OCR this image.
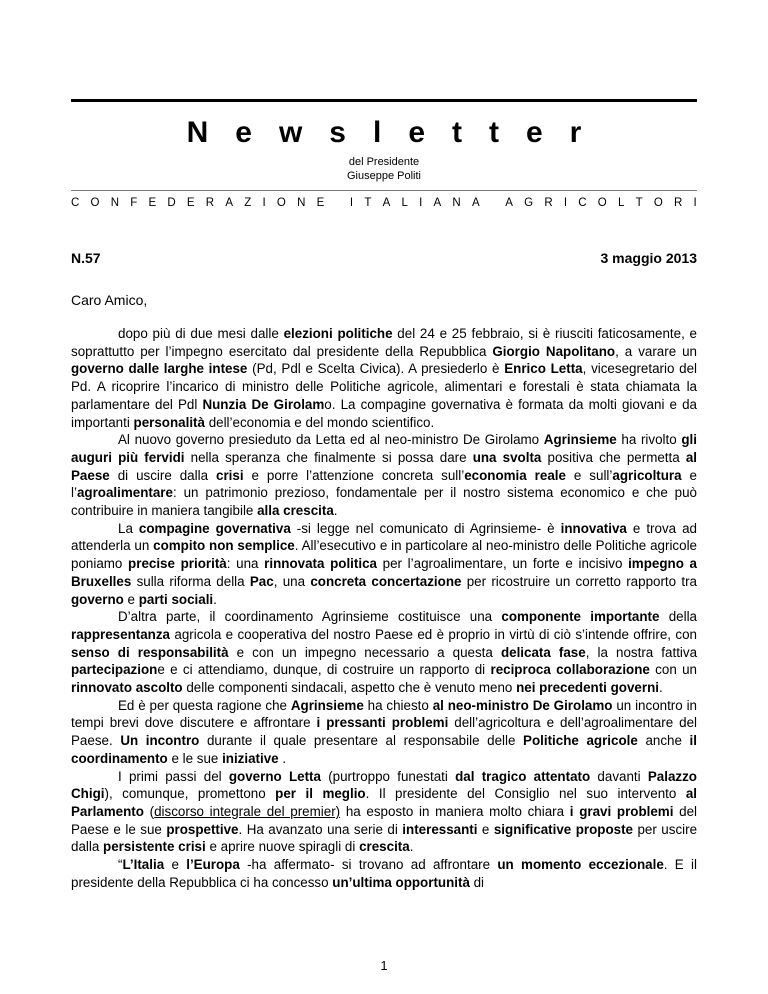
Newsletter
del Presidente
Giuseppe Politi
C O N F E D E R A Z I O N E
I T A L I A N A
A G R I C O L T O R I
N.57	3 maggio 2013
Caro Amico,

dopo più di due mesi dalle elezioni politiche del 24 e 25 febbraio, si è riusciti faticosamente, e soprattutto per l’impegno esercitato dal presidente della Repubblica Giorgio Napolitano, a varare un governo dalle larghe intese (Pd, Pdl e Scelta Civica). A presiederlo è Enrico Letta, vicesegretario del Pd. A ricoprire l’incarico di ministro delle Politiche agricole, alimentari e forestali è stata chiamata la parlamentare del Pdl Nunzia De Girolamo. La compagine governativa è formata da molti giovani e da importanti personalità dell’economia e del mondo scientifico.

Al nuovo governo presieduto da Letta ed al neo-ministro De Girolamo Agrinsieme ha rivolto gli auguri più fervidi nella speranza che finalmente si possa dare una svolta positiva che permetta al Paese di uscire dalla crisi e porre l’attenzione concreta sull’economia reale e sull’agricoltura e l’agroalimentare: un patrimonio prezioso, fondamentale per il nostro sistema economico e che può contribuire in maniera tangibile alla crescita.

La compagine governativa -si legge nel comunicato di Agrinsieme- è innovativa e trova ad attenderla un compito non semplice. All’esecutivo e in particolare al neo-ministro delle Politiche agricole poniamo precise priorità: una rinnovata politica per l’agroalimentare, un forte e incisivo impegno a Bruxelles sulla riforma della Pac, una concreta concertazione per ricostruire un corretto rapporto tra governo e parti sociali.

D’altra parte, il coordinamento Agrinsieme costituisce una componente importante della rappresentanza agricola e cooperativa del nostro Paese ed è proprio in virtù di ciò s’intende offrire, con senso di responsabilità e con un impegno necessario a questa delicata fase, la nostra fattiva partecipazione e ci attendiamo, dunque, di costruire un rapporto di reciproca collaborazione con un rinnovato ascolto delle componenti sindacali, aspetto che è venuto meno nei precedenti governi.

Ed è per questa ragione che Agrinsieme ha chiesto al neo-ministro De Girolamo un incontro in tempi brevi dove discutere e affrontare i pressanti problemi dell’agricoltura e dell’agroalimentare del Paese. Un incontro durante il quale presentare al responsabile delle Politiche agricole anche il coordinamento e le sue iniziative .

I primi passi del governo Letta (purtroppo funestati dal tragico attentato davanti Palazzo Chigi), comunque, promettono per il meglio. Il presidente del Consiglio nel suo intervento al Parlamento (discorso integrale del premier) ha esposto in maniera molto chiara i gravi problemi del Paese e le sue prospettive. Ha avanzato una serie di interessanti e significative proposte per uscire dalla persistente crisi e aprire nuove spiragli di crescita.

“L’Italia e l’Europa -ha affermato- si trovano ad affrontare un momento eccezionale. E il presidente della Repubblica ci ha concesso un’ultima opportunità di

1
